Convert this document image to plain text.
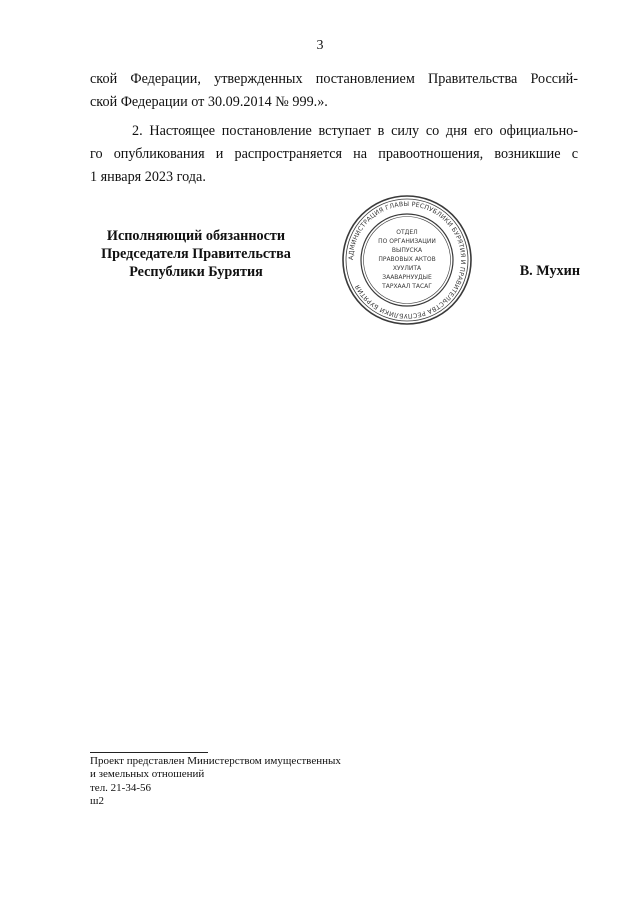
3
ской Федерации, утвержденных постановлением Правительства Россий-
ской Федерации от 30.09.2014 № 999.».
2. Настоящее постановление вступает в силу со дня его официально-
го опубликования и распространяется на правоотношения, возникшие с
1 января 2023 года.
Исполняющий обязанности
Председателя Правительства
Республики Бурятия
АДМИНИСТРАЦИЯ ГЛАВЫ РЕСПУБЛИКИ БУРЯТИЯ И ПРАВИТЕЛЬСТВА РЕСПУБЛИКИ БУРЯТИЯ
ОТДЕЛ
ПО ОРГАНИЗАЦИИ
ВЫПУСКА
ПРАВОВЫХ АКТОВ
ХУУЛИТА
ЗААВАРНУУДЫЕ
ТАРХААЛ ТАСАГ
В. Мухин
Проект представлен Министерством имущественных
и земельных отношений
тел. 21-34-56
ш2
